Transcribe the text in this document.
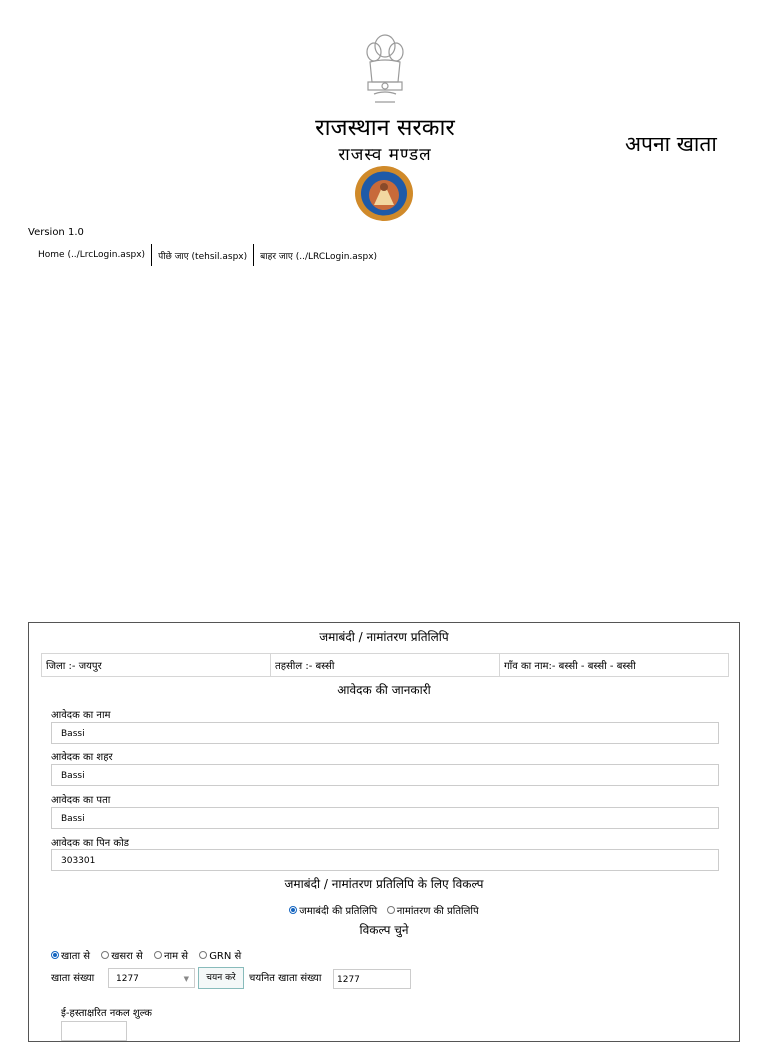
राजस्थान सरकार
राजस्व मण्डल	अपना खाता
Version 1.0
Home (../LrcLogin.aspx)	पीछे जाए (tehsil.aspx)	बाहर जाए (../LRCLogin.aspx)
जमाबंदी / नामांतरण प्रतिलिपि
जिला :- जयपुर	तहसील :- बस्सी	गाँव का नाम:- बस्सी - बस्सी - बस्सी
आवेदक की जानकारी
आवेदक का नाम
Bassi
आवेदक का शहर
Bassi
आवेदक का पता
Bassi
आवेदक का पिन कोड
303301
जमाबंदी / नामांतरण प्रतिलिपि के लिए विकल्प
जमाबंदी की प्रतिलिपि नामांतरण की प्रतिलिपि
विकल्प चुने
खाता से खसरा से नाम से GRN से
खाता संख्या	1277	▼	चयन करे	चयनित खाता संख्या	1277
ई-हस्ताक्षरित नकल शुल्क
